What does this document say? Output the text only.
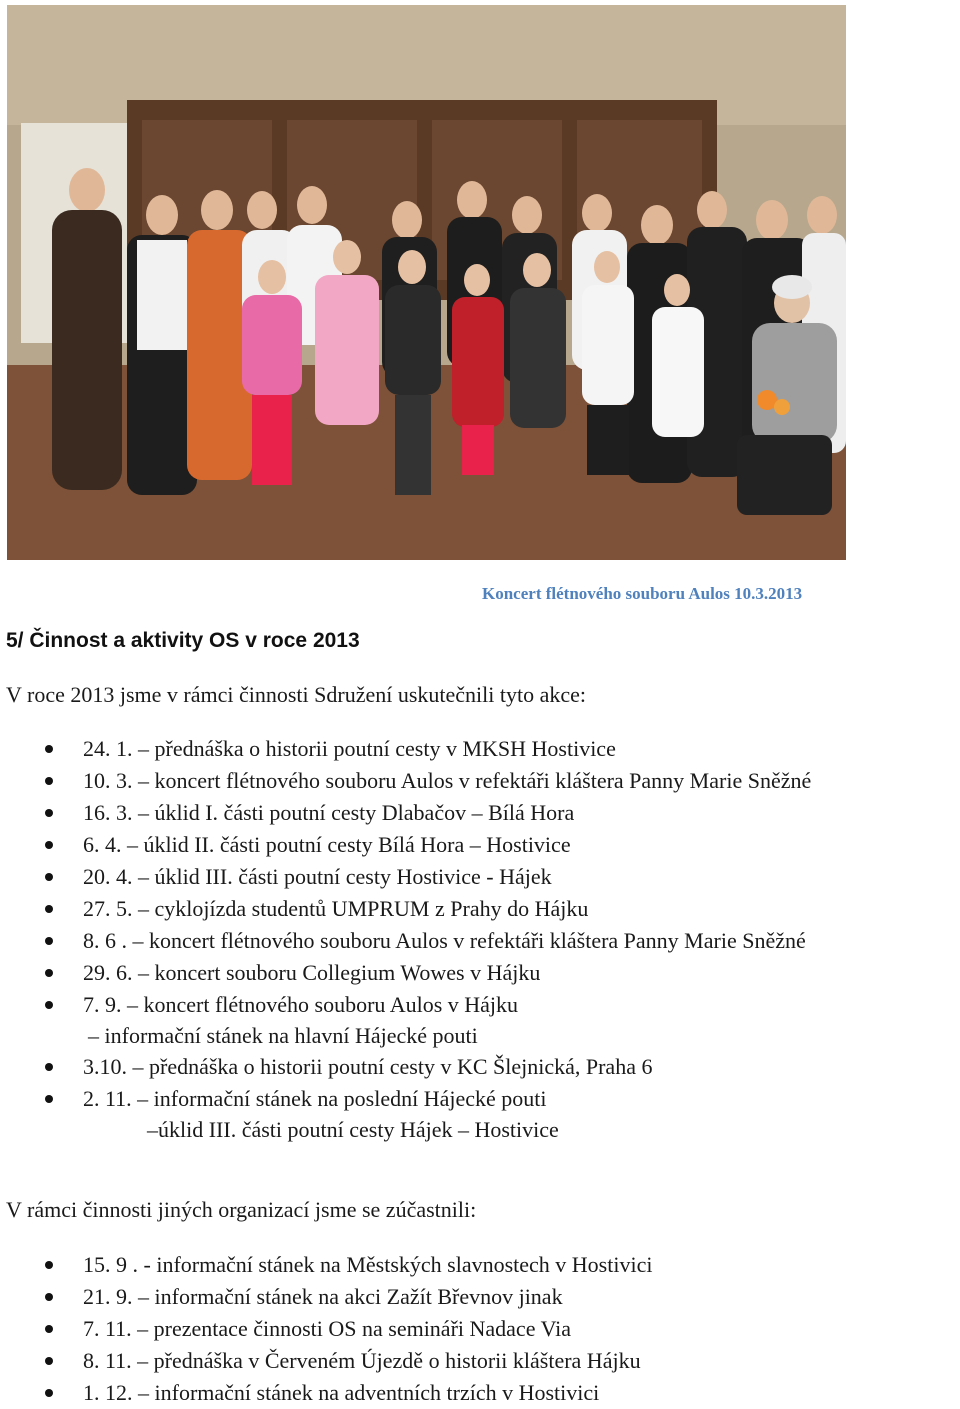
Koncert flétnového souboru Aulos 10.3.2013
5/ Činnost a aktivity OS v roce 2013
V roce 2013 jsme v rámci činnosti Sdružení uskutečnili tyto akce:
24. 1. – přednáška o historii poutní cesty v MKSH Hostivice
10. 3. – koncert flétnového souboru Aulos v refektáři kláštera Panny Marie Sněžné
16. 3. – úklid I. části poutní cesty Dlabačov – Bílá Hora
6. 4. – úklid II. části poutní cesty Bílá Hora – Hostivice
20. 4. – úklid III. části poutní cesty Hostivice - Hájek
27. 5. – cyklojízda studentů UMPRUM z Prahy do Hájku
8. 6 . – koncert flétnového souboru Aulos v refektáři kláštera Panny Marie Sněžné
29. 6. – koncert souboru Collegium Wowes v Hájku
7. 9. – koncert flétnového souboru Aulos v Hájku
– informační stánek na hlavní Hájecké pouti
3.10. – přednáška o historii poutní cesty v KC Šlejnická, Praha 6
2. 11. – informační stánek na poslední Hájecké pouti
–úklid III. části poutní cesty Hájek – Hostivice
V rámci činnosti jiných organizací jsme se zúčastnili:
15. 9 . - informační stánek na Městských slavnostech v Hostivici
21. 9. – informační stánek na akci Zažít Břevnov jinak
7. 11. – prezentace činnosti OS na semináři Nadace Via
8. 11. – přednáška v Červeném Újezdě o historii kláštera Hájku
1. 12. – informační stánek na adventních trzích v Hostivici
